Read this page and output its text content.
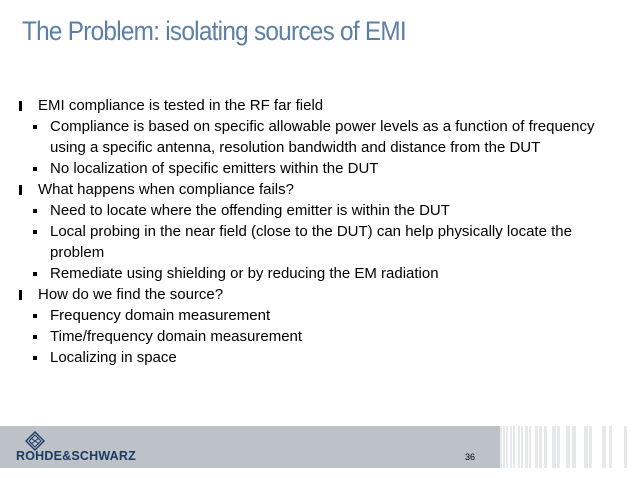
The Problem: isolating sources of EMI
EMI compliance is tested in the RF far field
Compliance is based on specific allowable power levels as a function of frequency using a specific antenna, resolution bandwidth and distance from the DUT
No localization of specific emitters within the DUT
What happens when compliance fails?
Need to locate where the offending emitter is within the DUT
Local probing in the near field (close to the DUT) can help physically locate the problem
Remediate using shielding or by reducing the EM radiation
How do we find the source?
Frequency domain measurement
Time/frequency domain measurement
Localizing in space
ROHDE&SCHWARZ	36
